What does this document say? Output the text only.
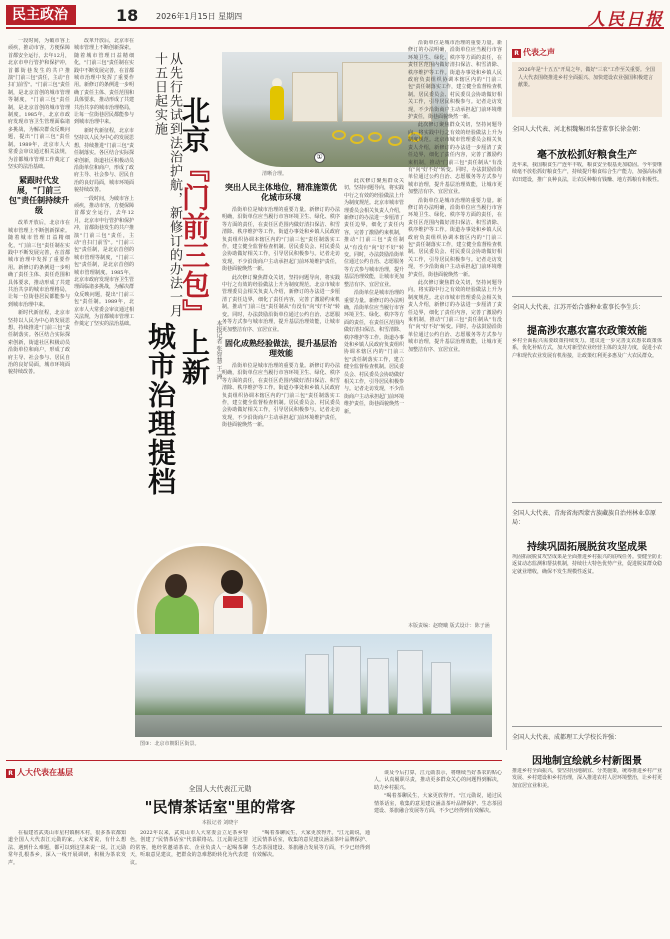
民主政治	18 2026年1月15日 星期四	人民日报

一段时间，为破市容上顽疾，推动市容，方便保障首都安全运行，去年12月，北京市申行管护和保护冲，首都街巷发生的共户推演"门前三包"责任，主动"自扫门前雪"。"门前三包"责任制，是北京首创的城市管理等制度，"门前三包"责任制，是北京首创的城市管理制度。1985年，北京市政府发现市容卫生管理面临诸多挑战，为解决群众反映问题，提出"门前三包"责任制。1989年，北京市人大常委会审议通过相关法规，为首都城市管理工作奠定了坚实的法治基础。

紧跟时代发展，"门前三包"责任制持续升级

改革开放后，北京市在城市管理上不断创新探索。随着城市管理日益精细化，"门前三包"责任制在实践中不断发展完善，在首都城市治理中发挥了重要作用。新修订的条例进一步明确了责任主体、责任范围和具体要求，推动形成了共建共治共享的城市治理格局，让每一位街巷居民都能参与到城市治理中来。

新时代新征程，北京市坚持以人民为中心的发展思想，持续推进"门前三包"责任制落实。各区结合实际探索创新，街道社区积极动员沿街单位和商户，形成了政府主导、社会参与、居民自治的良好局面，城市环境面貌持续改善。

改革开放后，北京市在城市管理上不断创新探索。随着城市管理日益精细化，"门前三包"责任制在实践中不断发展完善，在首都城市治理中发挥了重要作用。新修订的条例进一步明确了责任主体、责任范围和具体要求，推动形成了共建共治共享的城市治理格局，让每一位街巷居民都能参与到城市治理中来。

新时代新征程，北京市坚持以人民为中心的发展思想，持续推进"门前三包"责任制落实。各区结合实际探索创新，街道社区积极动员沿街单位和商户，形成了政府主导、社会参与、居民自治的良好局面，城市环境面貌持续改善。

一段时间，为破市容上顽疾，推动市容，方便保障首都安全运行，去年12月，北京市申行管护和保护冲，首都街巷发生的共户推演"门前三包"责任，主动"自扫门前雪"。"门前三包"责任制，是北京首创的城市管理等制度，"门前三包"责任制，是北京首创的城市管理制度。1985年，北京市政府发现市容卫生管理面临诸多挑战，为解决群众反映问题，提出"门前三包"责任制。1989年，北京市人大常委会审议通过相关法规，为首都城市管理工作奠定了坚实的法治基础。

北京『门前三包』上新
城市治理提档
从先行先试到法治护航，新修订的办法一月十五日起实施
本报记者 张智慧 王 洲
①
清晰合理。
突出人民主体地位，精准施策优化城市环境

沿街单位是城市治理的重要力量。新修订的办法明确，沿街单位应当履行市容环境卫生、绿化、秩序等方面的责任，在责任区范围内做好清扫保洁、积雪清除、秩序维护等工作。街道办事处和乡镇人民政府负责组织协调本辖区内的"门前三包"责任制落实工作，建立健全监督检查机制。居民委员会、村民委员会协助做好相关工作，引导居民积极参与。记者走访发现，不少沿街商户主动承担起门前环境维护责任，街巷面貌焕然一新。

此次修订聚焦群众关切，坚持问题导向，将实践中行之有效的经验做法上升为制度规范。北京市城市管理委员会相关负责人介绍，新修订的办法进一步厘清了责任边界，细化了责任内容，完善了激励约束机制，推动"门前三包"责任制从"有没有"向"好不好"转变。同时，办法鼓励沿街单位通过公约自治、志愿服务等方式参与城市治理，提升基层治理效能，让城市更加整洁有序、宜居宜业。

固化成熟经验做法，提升基层治理效能

沿街单位是城市治理的重要力量。新修订的办法明确，沿街单位应当履行市容环境卫生、绿化、秩序等方面的责任，在责任区范围内做好清扫保洁、积雪清除、秩序维护等工作。街道办事处和乡镇人民政府负责组织协调本辖区内的"门前三包"责任制落实工作，建立健全监督检查机制。居民委员会、村民委员会协助做好相关工作，引导居民积极参与。记者走访发现，不少沿街商户主动承担起门前环境维护责任，街巷面貌焕然一新。

此次修订聚焦群众关切，坚持问题导向，将实践中行之有效的经验做法上升为制度规范。北京市城市管理委员会相关负责人介绍，新修订的办法进一步厘清了责任边界，细化了责任内容，完善了激励约束机制，推动"门前三包"责任制从"有没有"向"好不好"转变。同时，办法鼓励沿街单位通过公约自治、志愿服务等方式参与城市治理，提升基层治理效能，让城市更加整洁有序、宜居宜业。

沿街单位是城市治理的重要力量。新修订的办法明确，沿街单位应当履行市容环境卫生、绿化、秩序等方面的责任，在责任区范围内做好清扫保洁、积雪清除、秩序维护等工作。街道办事处和乡镇人民政府负责组织协调本辖区内的"门前三包"责任制落实工作，建立健全监督检查机制。居民委员会、村民委员会协助做好相关工作，引导居民积极参与。记者走访发现，不少沿街商户主动承担起门前环境维护责任，街巷面貌焕然一新。

沿街单位是城市治理的重要力量。新修订的办法明确，沿街单位应当履行市容环境卫生、绿化、秩序等方面的责任，在责任区范围内做好清扫保洁、积雪清除、秩序维护等工作。街道办事处和乡镇人民政府负责组织协调本辖区内的"门前三包"责任制落实工作，建立健全监督检查机制。居民委员会、村民委员会协助做好相关工作，引导居民积极参与。记者走访发现，不少沿街商户主动承担起门前环境维护责任，街巷面貌焕然一新。

此次修订聚焦群众关切，坚持问题导向，将实践中行之有效的经验做法上升为制度规范。北京市城市管理委员会相关负责人介绍，新修订的办法进一步厘清了责任边界，细化了责任内容，完善了激励约束机制，推动"门前三包"责任制从"有没有"向"好不好"转变。同时，办法鼓励沿街单位通过公约自治、志愿服务等方式参与城市治理，提升基层治理效能，让城市更加整洁有序、宜居宜业。

沿街单位是城市治理的重要力量。新修订的办法明确，沿街单位应当履行市容环境卫生、绿化、秩序等方面的责任，在责任区范围内做好清扫保洁、积雪清除、秩序维护等工作。街道办事处和乡镇人民政府负责组织协调本辖区内的"门前三包"责任制落实工作，建立健全监督检查机制。居民委员会、村民委员会协助做好相关工作，引导居民积极参与。记者走访发现，不少沿街商户主动承担起门前环境维护责任，街巷面貌焕然一新。

此次修订聚焦群众关切，坚持问题导向，将实践中行之有效的经验做法上升为制度规范。北京市城市管理委员会相关负责人介绍，新修订的办法进一步厘清了责任边界，细化了责任内容，完善了激励约束机制，推动"门前三包"责任制从"有没有"向"好不好"转变。同时，办法鼓励沿街单位通过公约自治、志愿服务等方式参与城市治理，提升基层治理效能，让城市更加整洁有序、宜居宜业。

本版责编：赵晓曦 版式设计：陈子涵
图③：北京市朝阳区街景。
R 代表之声
2026年是"十五五"开局之年，做好"三农"工作至关重要。全国人大代表围绕推进乡村全面振兴、加快建设农业强国积极建言献策。
全国人大代表、河北相魏集团名誉董事长徐金朝：
毫不放松抓好粮食生产
近年来，我国粮食生产连年丰收，粮食安全根基更加稳固。今年要继续毫不放松抓好粮食生产，持续提升粮食综合生产能力，加强高标准农田建设，推广良种良法，让农民种粮有钱赚、地方抓粮有积极性。
全国人大代表、江苏开始合盛种业董事长李生兵：
提高涉农惠农富农政策效能
乡村全面振兴需要政策持续发力。建议进一步完善支农惠农政策体系，优化补贴方式，加大对新型农业经营主体的支持力度，促进小农户和现代农业发展有机衔接，让政策红利更多惠及广大农民群众。
全国人大代表、青海省海西蒙古族藏族自治州林业草原局：
持续巩固拓展脱贫攻坚成果
巩固拓展脱贫攻坚成果是全面推进乡村振兴的底线任务。要健全防止返贫动态监测和帮扶机制，持续壮大特色优势产业，促进脱贫群众稳定就业增收，确保不发生规模性返贫。
全国人大代表、成都理工大学校长许强：
因地制宜绘就乡村新图景
推进乡村全面振兴，要坚持因地制宜、分类施策，统筹推进乡村产业发展、乡村建设和乡村治理，深入推进农村人居环境整治，让乡村更加宜居宜业和美。
R 人大代表在基层
全国人大代表江元勋
"民情茶话室"里的常客
本报记者 刘晓宇

在福建省武夷山市星村镇桐木村，很多茶农都知道全国人大代表江元勋的家。大家常说，有什么想法、遇到什么难题，都可以到这里来说一说。江元勋常年扎根茶乡，深入一线开展调研，积极为茶农发声。

2022年以来，武夷山市人大常委会立足茶乡特色，创建了"民情茶话室"代表联络站。江元勋是这里的常客，他经常邀请茶农、企业负责人一起喝茶聊天，听取意见建议，把群众的急难愁盼转化为代表建议。

"喝着茶聊民生，大家更放得开。"江元勋说，通过民情茶话室，收集的意见建议涵盖茶叶品牌保护、生态茶园建设、茶旅融合发展等方面，不少已经得到有效解决。

谈及今后打算，江元勋表示，将继续当好茶农的贴心人，认真履职尽责，推动更多群众关心的问题得到解决，助力乡村振兴。

"喝着茶聊民生，大家更放得开。"江元勋说，通过民情茶话室，收集的意见建议涵盖茶叶品牌保护、生态茶园建设、茶旅融合发展等方面，不少已经得到有效解决。
